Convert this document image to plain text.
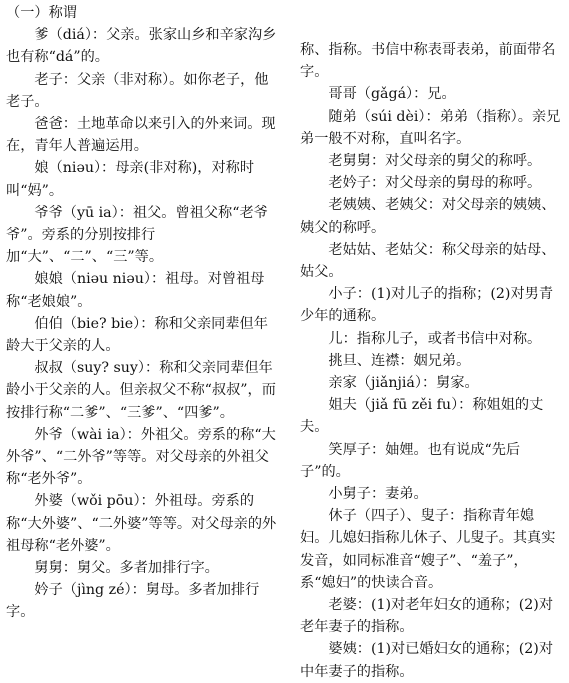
（一）称谓

爹（diá）：父亲。张家山乡和辛家沟乡也有称“dá”的。

老子：父亲（非对称）。如你老子，他老子。

爸爸：土地革命以来引入的外来词。现在，青年人普遍运用。

娘（niǝu）：母亲(非对称)，对称时叫“妈”。

爷爷（yū ia）：祖父。曾祖父称“老爷爷”。旁系的分别按排行加“大”、“二”、“三”等。

娘娘（niǝu niǝu）：祖母。对曾祖母称“老娘娘”。

伯伯（bie? bie）：称和父亲同辈但年龄大于父亲的人。

叔叔（suy? suy）：称和父亲同辈但年龄小于父亲的人。但亲叔父不称“叔叔”，而按排行称“二爹”、“三爹”、“四爹”。

外爷（wài ia）：外祖父。旁系的称“大外爷”、“二外爷”等等。对父母亲的外祖父称“老外爷”。

外婆（wǒi pōu）：外祖母。旁系的称“大外婆”、“二外婆”等等。对父母亲的外祖母称“老外婆”。

舅舅：舅父。多者加排行字。

妗子（jìng zé）：舅母。多者加排行字。

称、指称。书信中称表哥表弟，前面带名字。

哥哥（gǎgá）：兄。

随弟（súi dèi）：弟弟（指称）。亲兄弟一般不对称，直叫名字。

老舅舅：对父母亲的舅父的称呼。

老妗子：对父母亲的舅母的称呼。

老姨姨、老姨父：对父母亲的姨姨、姨父的称呼。

老姑姑、老姑父：称父母亲的姑母、姑父。

小子：(1)对儿子的指称；(2)对男青少年的通称。

儿：指称儿子，或者书信中对称。

挑旦、连襟：姻兄弟。

亲家（jiǎnjiá）：舅家。

姐夫（jiǎ fū zěi fu）：称姐姐的丈夫。

笑厚子：妯娌。也有说成“先后子”的。

小舅子：妻弟。

休子（四子）、叟子：指称青年媳妇。儿媳妇指称儿休子、儿叟子。其真实发音，如同标准音“嫂子”、“羞子”，系“媳妇”的快读合音。

老婆：(1)对老年妇女的通称；(2)对老年妻子的指称。

婆姨：(1)对已婚妇女的通称；(2)对中年妻子的指称。
